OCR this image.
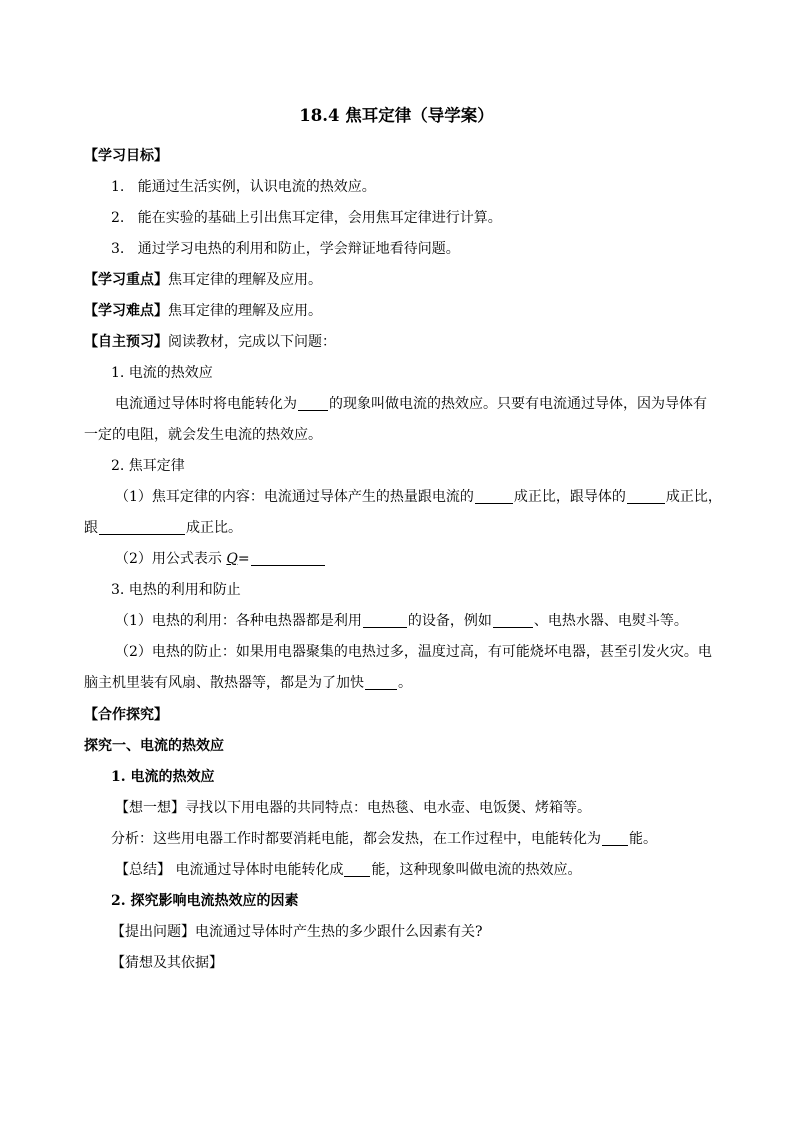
18.4 焦耳定律（导学案）
【学习目标】
1. 能通过生活实例，认识电流的热效应。
2. 能在实验的基础上引出焦耳定律，会用焦耳定律进行计算。
3. 通过学习电热的利用和防止，学会辩证地看待问题。
【学习重点】焦耳定律的理解及应用。
【学习难点】焦耳定律的理解及应用。
【自主预习】阅读教材，完成以下问题：
1. 电流的热效应
电流通过导体时将电能转化为 的现象叫做电流的热效应。只要有电流通过导体，因为导体有
一定的电阻，就会发生电流的热效应。
2. 焦耳定律
（1）焦耳定律的内容：电流通过导体产生的热量跟电流的	成正比，跟导体的	成正比，
跟	成正比。
（2）用公式表示 Q=
3. 电热的利用和防止
（1）电热的利用：各种电热器都是利用	的设备，例如	、电热水器、电熨斗等。
（2）电热的防止：如果用电器聚集的电热过多，温度过高，有可能烧坏电器，甚至引发火灾。电
脑主机里装有风扇、散热器等，都是为了加快 。
【合作探究】
探究一、电流的热效应
1. 电流的热效应
【想一想】寻找以下用电器的共同特点：电热毯、电水壶、电饭煲、烤箱等。
分析：这些用电器工作时都要消耗电能，都会发热，在工作过程中，电能转化为 能。
【总结】 电流通过导体时电能转化成 能，这种现象叫做电流的热效应。
2. 探究影响电流热效应的因素
【提出问题】电流通过导体时产生热的多少跟什么因素有关?
【猜想及其依据】
